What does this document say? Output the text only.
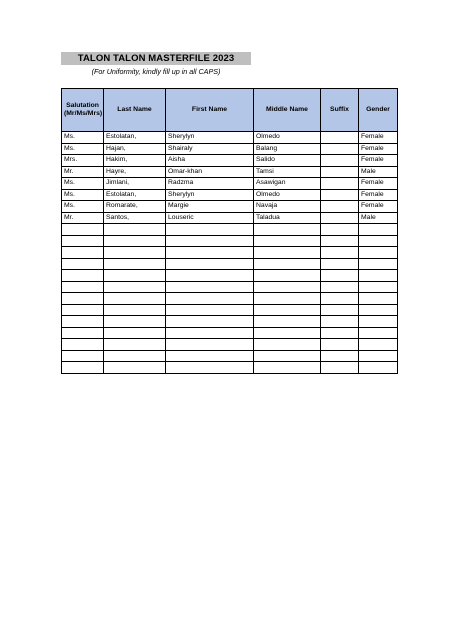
TALON TALON MASTERFILE 2023
(For Uniformity, kindly fill up in all CAPS)
Salutation (Mr/Ms/Mrs)	Last Name	First Name	Middle Name	Suffix	Gender
Ms.	Estolatan,	Sherylyn	Olmedo		Female
Ms.	Hajan,	Shairaly	Balang		Female
Mrs.	Hakim,	Aisha	Salido		Female
Mr.	Hayre,	Omar-khan	Tamsi		Male
Ms.	Jimlani,	Radzma	Asawigan		Female
Ms.	Estolatan,	Sherylyn	Olmedo		Female
Ms.	Romarate,	Margie	Navaja		Female
Mr.	Santos,	Louseric	Taladua		Male
